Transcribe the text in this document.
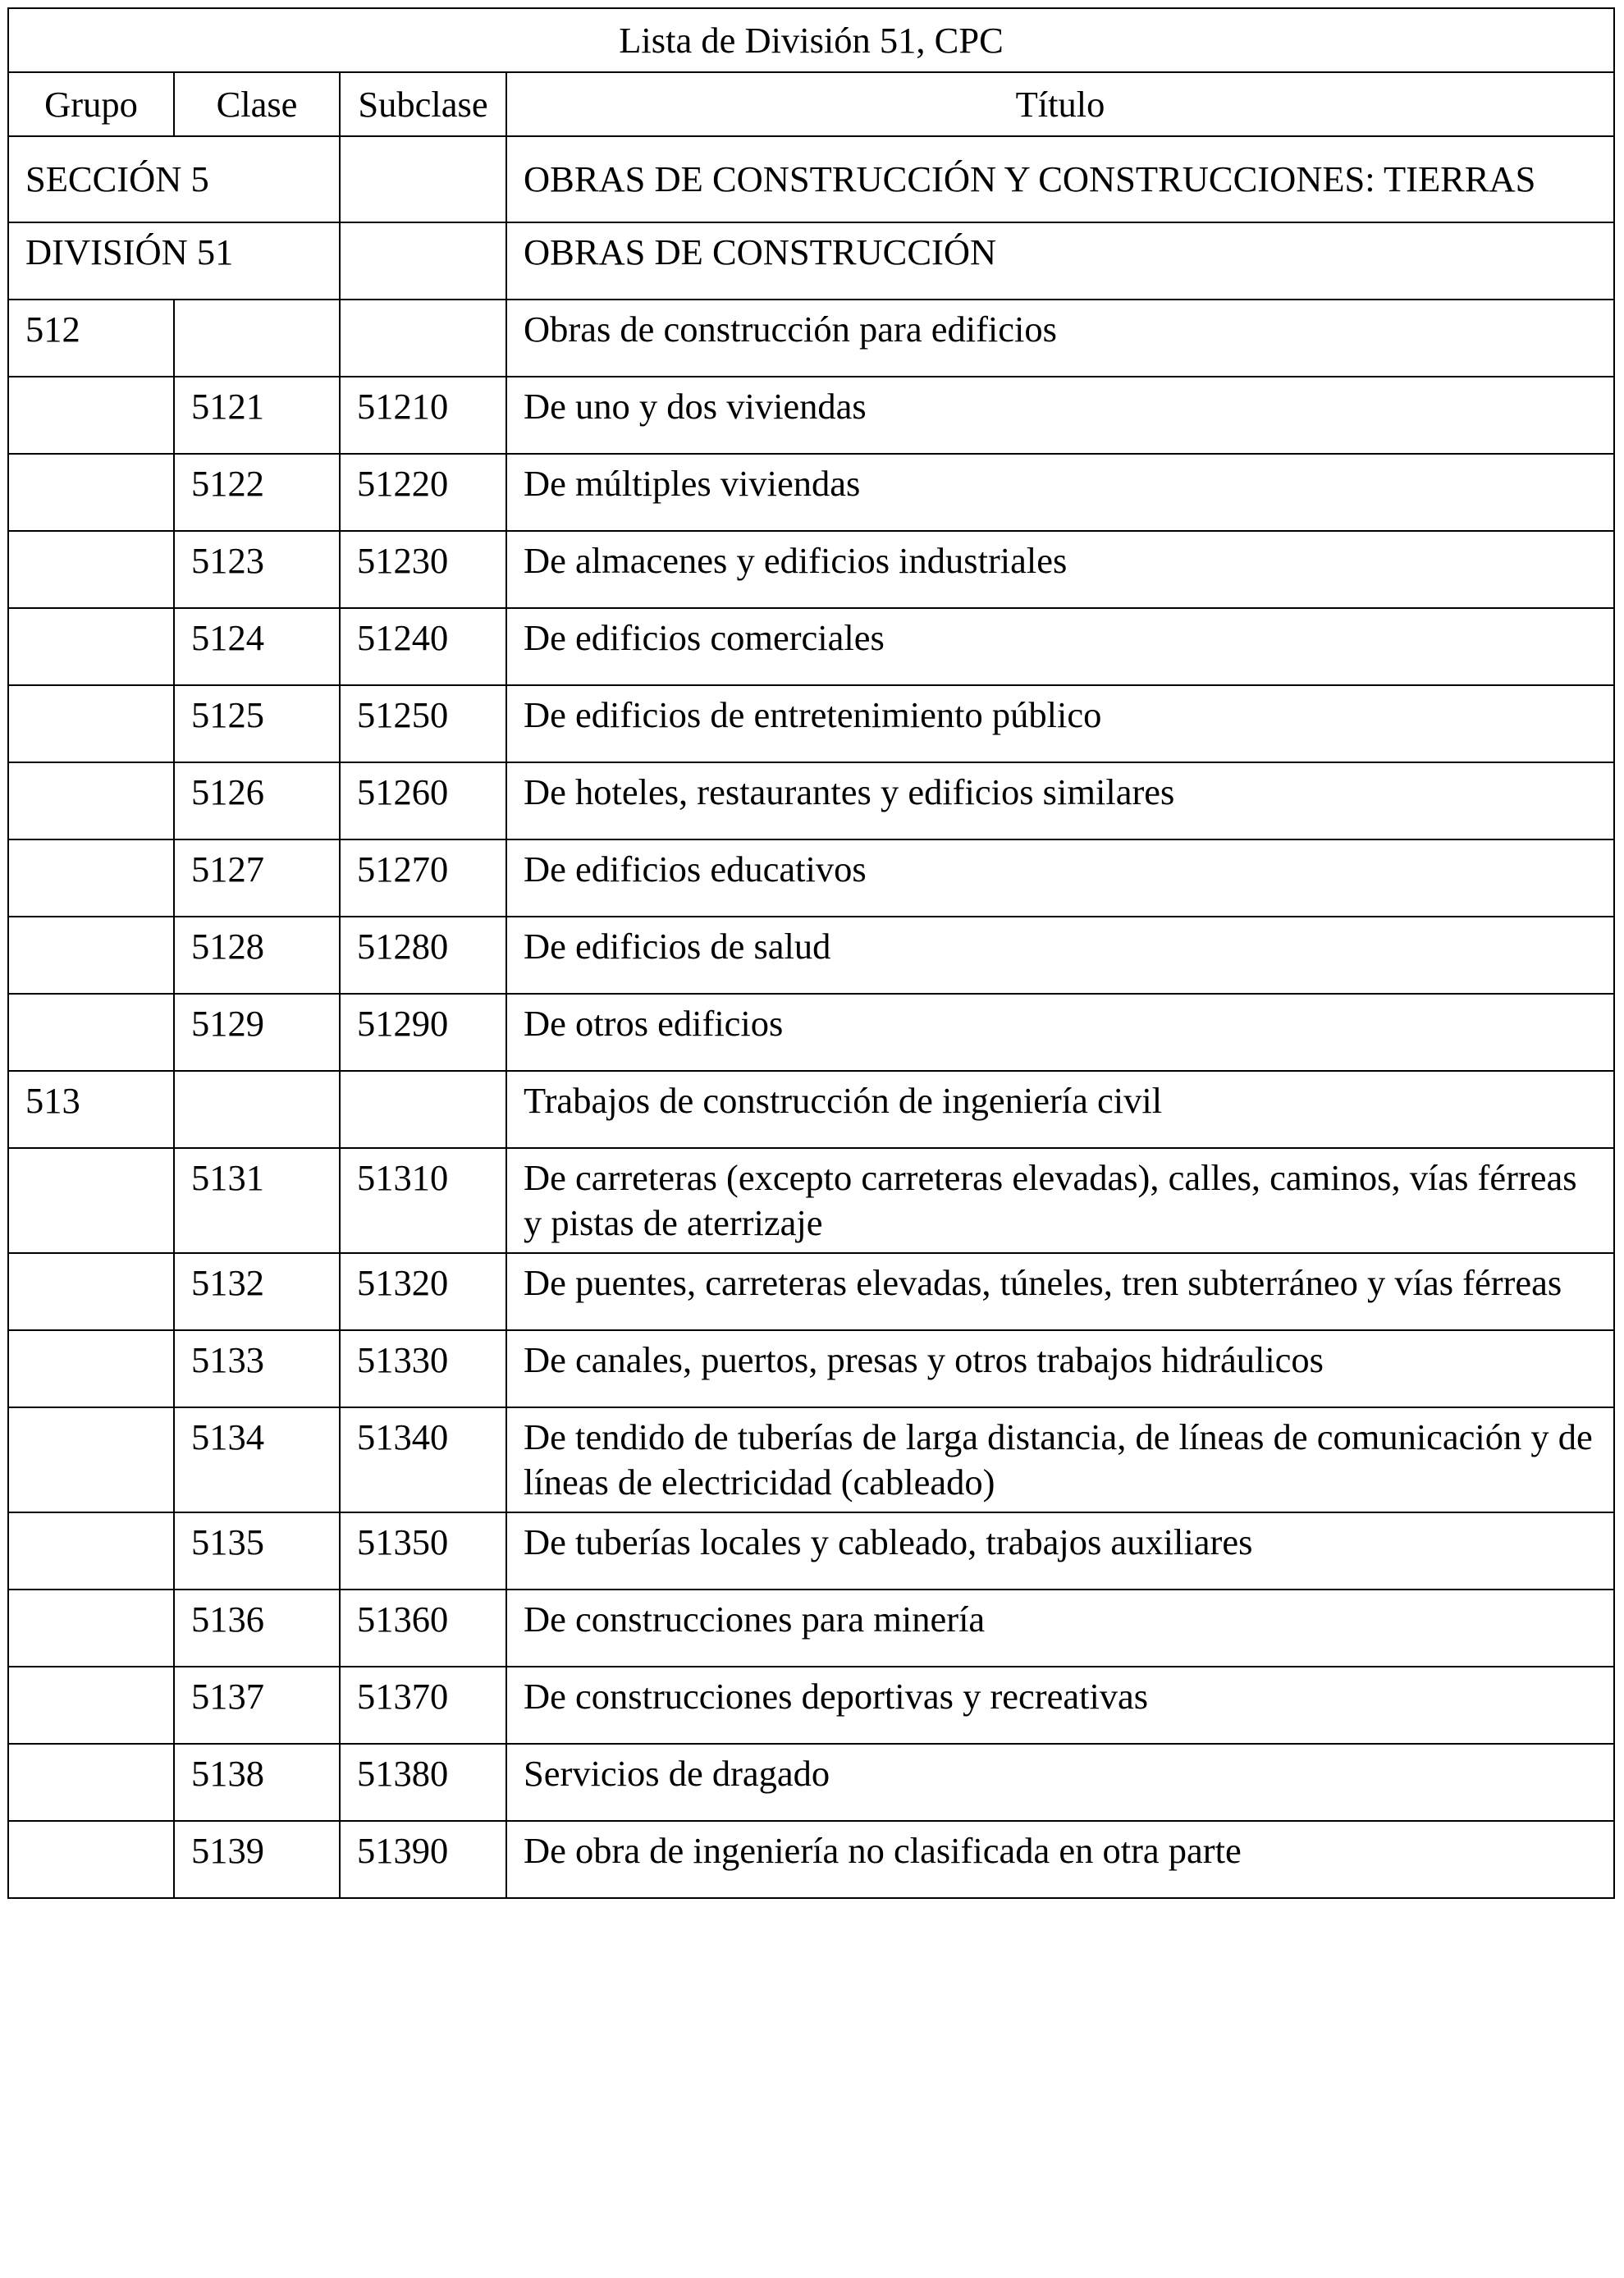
Lista de División 51, CPC			
Grupo	Clase	Subclase	Título
SECCIÓN 5			OBRAS DE CONSTRUCCIÓN Y CONSTRUCCIONES: TIERRAS
DIVISIÓN 51			OBRAS DE CONSTRUCCIÓN
512			Obras de construcción para edificios
	5121	51210	De uno y dos viviendas
	5122	51220	De múltiples viviendas
	5123	51230	De almacenes y edificios industriales
	5124	51240	De edificios comerciales
	5125	51250	De edificios de entretenimiento público
	5126	51260	De hoteles, restaurantes y edificios similares
	5127	51270	De edificios educativos
	5128	51280	De edificios de salud
	5129	51290	De otros edificios
513			Trabajos de construcción de ingeniería civil
	5131	51310	De carreteras (excepto carreteras elevadas), calles, caminos, vías férreas y pistas de aterrizaje
	5132	51320	De puentes, carreteras elevadas, túneles, tren subterráneo y vías férreas
	5133	51330	De canales, puertos, presas y otros trabajos hidráulicos
	5134	51340	De tendido de tuberías de larga distancia, de líneas de comunicación y de líneas de electricidad (cableado)
	5135	51350	De tuberías locales y cableado, trabajos auxiliares
	5136	51360	De construcciones para minería
	5137	51370	De construcciones deportivas y recreativas
	5138	51380	Servicios de dragado
	5139	51390	De obra de ingeniería no clasificada en otra parte
